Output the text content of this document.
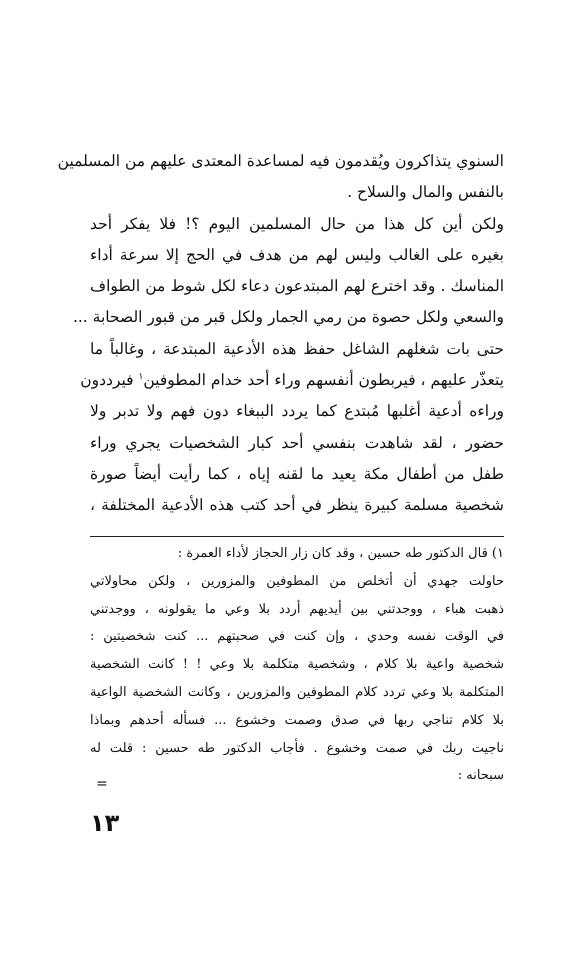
السنوي يتذاكرون ويُقدمون فيه لمساعدة المعتدى عليهم من المسلمين
بالنفس والمال والسلاح .
ولكن أين كل هذا من حال المسلمين اليوم ؟! فلا يفكر أحد
بغيره على الغالب وليس لهم من هدف في الحج إلا سرعة أداء
المناسك . وقد اخترع لهم المبتدعون دعاء لكل شوط من الطواف
والسعي ولكل حصوة من رمي الجمار ولكل قبر من قبور الصحابة ...
حتى بات شغلهم الشاغل حفظ هذه الأدعية المبتدعة ، وغالباً ما
يتعذّر عليهم ، فيربطون أنفسهم وراء أحد خدام المطوفين$^١$ فيرددون
وراءه أدعية أغلبها مُبتدع كما يردد الببغاء دون فهم ولا تدبر ولا
حضور ، لقد شاهدت بنفسي أحد كبار الشخصيات يجري وراء
طفل من أطفال مكة يعيد ما لقنه إياه ، كما رأيت أيضاً صورة
شخصية مسلمة كبيرة ينظر في أحد كتب هذه الأدعية المختلفة ،
١) قال الدكتور طه حسين ، وقد كان زار الحجاز لأداء العمرة :
حاولت جهدي أن أتخلص من المطوفين والمزورين ، ولكن محاولاتي
ذهبت هباء ، ووجدتني بين أيديهم أردد بلا وعي ما يقولونه ، ووجدتني
في الوقت نفسه وحدي ، وإن كنت في صحبتهم ... كنت شخصيتين :
شخصية واعية بلا كلام ، وشخصية متكلمة بلا وعي ! ! كانت الشخصية
المتكلمة بلا وعي تردد كلام المطوفين والمزورين ، وكانت الشخصية الواعية
بلا كلام تناجي ربها في صدق وصمت وخشوع ... فسأله أحدهم وبماذا
ناجيت ربك في صمت وخشوع . فأجاب الدكتور طه حسين : قلت له
سبحانه :
=
١٣
